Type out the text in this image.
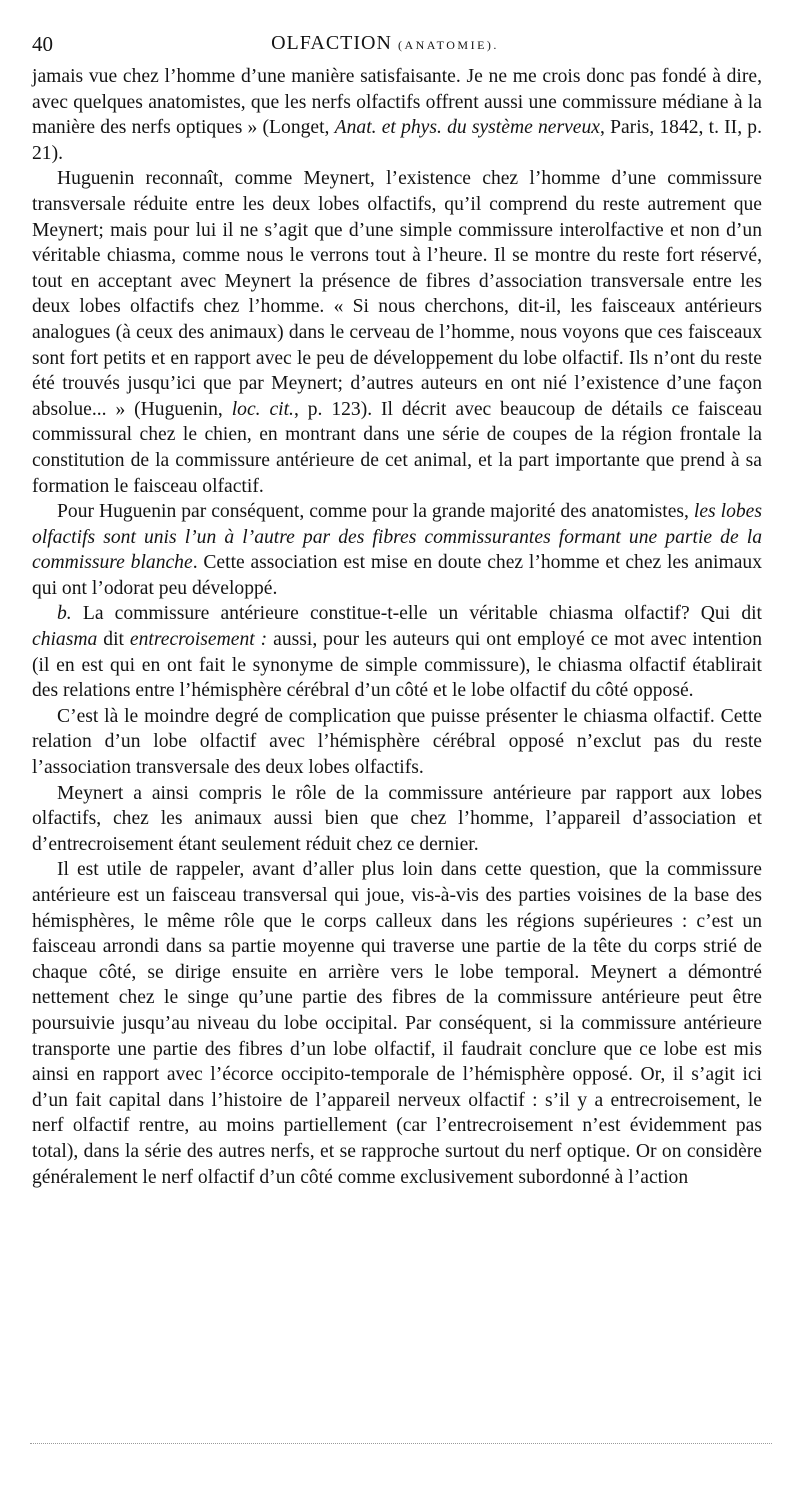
40	OLFACTION (ANATOMIE).

jamais vue chez l’homme d’une manière satisfaisante. Je ne me crois donc pas fondé à dire, avec quelques anatomistes, que les nerfs olfactifs offrent aussi une commissure médiane à la manière des nerfs optiques » (Longet, Anat. et phys. du système nerveux, Paris, 1842, t. II, p. 21).

Huguenin reconnaît, comme Meynert, l’existence chez l’homme d’une commissure transversale réduite entre les deux lobes olfactifs, qu’il comprend du reste autrement que Meynert; mais pour lui il ne s’agit que d’une simple commissure interolfactive et non d’un véritable chiasma, comme nous le verrons tout à l’heure. Il se montre du reste fort réservé, tout en acceptant avec Meynert la présence de fibres d’association transversale entre les deux lobes olfactifs chez l’homme. « Si nous cherchons, dit-il, les faisceaux antérieurs analogues (à ceux des animaux) dans le cerveau de l’homme, nous voyons que ces faisceaux sont fort petits et en rapport avec le peu de développement du lobe olfactif. Ils n’ont du reste été trouvés jusqu’ici que par Meynert; d’autres auteurs en ont nié l’existence d’une façon absolue... » (Huguenin, loc. cit., p. 123). Il décrit avec beaucoup de détails ce faisceau commissural chez le chien, en montrant dans une série de coupes de la région frontale la constitution de la commissure antérieure de cet animal, et la part importante que prend à sa formation le faisceau olfactif.

Pour Huguenin par conséquent, comme pour la grande majorité des anatomistes, les lobes olfactifs sont unis l’un à l’autre par des fibres commissurantes formant une partie de la commissure blanche. Cette association est mise en doute chez l’homme et chez les animaux qui ont l’odorat peu développé.

b. La commissure antérieure constitue-t-elle un véritable chiasma olfactif? Qui dit chiasma dit entrecroisement : aussi, pour les auteurs qui ont employé ce mot avec intention (il en est qui en ont fait le synonyme de simple commissure), le chiasma olfactif établirait des relations entre l’hémisphère cérébral d’un côté et le lobe olfactif du côté opposé.

C’est là le moindre degré de complication que puisse présenter le chiasma olfactif. Cette relation d’un lobe olfactif avec l’hémisphère cérébral opposé n’exclut pas du reste l’association transversale des deux lobes olfactifs.

Meynert a ainsi compris le rôle de la commissure antérieure par rapport aux lobes olfactifs, chez les animaux aussi bien que chez l’homme, l’appareil d’association et d’entrecroisement étant seulement réduit chez ce dernier.

Il est utile de rappeler, avant d’aller plus loin dans cette question, que la commissure antérieure est un faisceau transversal qui joue, vis-à-vis des parties voisines de la base des hémisphères, le même rôle que le corps calleux dans les régions supérieures : c’est un faisceau arrondi dans sa partie moyenne qui traverse une partie de la tête du corps strié de chaque côté, se dirige ensuite en arrière vers le lobe temporal. Meynert a démontré nettement chez le singe qu’une partie des fibres de la commissure antérieure peut être poursuivie jusqu’au niveau du lobe occipital. Par conséquent, si la commissure antérieure transporte une partie des fibres d’un lobe olfactif, il faudrait conclure que ce lobe est mis ainsi en rapport avec l’écorce occipito-temporale de l’hémisphère opposé. Or, il s’agit ici d’un fait capital dans l’histoire de l’appareil nerveux olfactif : s’il y a entrecroisement, le nerf olfactif rentre, au moins partiellement (car l’entrecroisement n’est évidemment pas total), dans la série des autres nerfs, et se rapproche surtout du nerf optique. Or on considère généralement le nerf olfactif d’un côté comme exclusivement subordonné à l’action
